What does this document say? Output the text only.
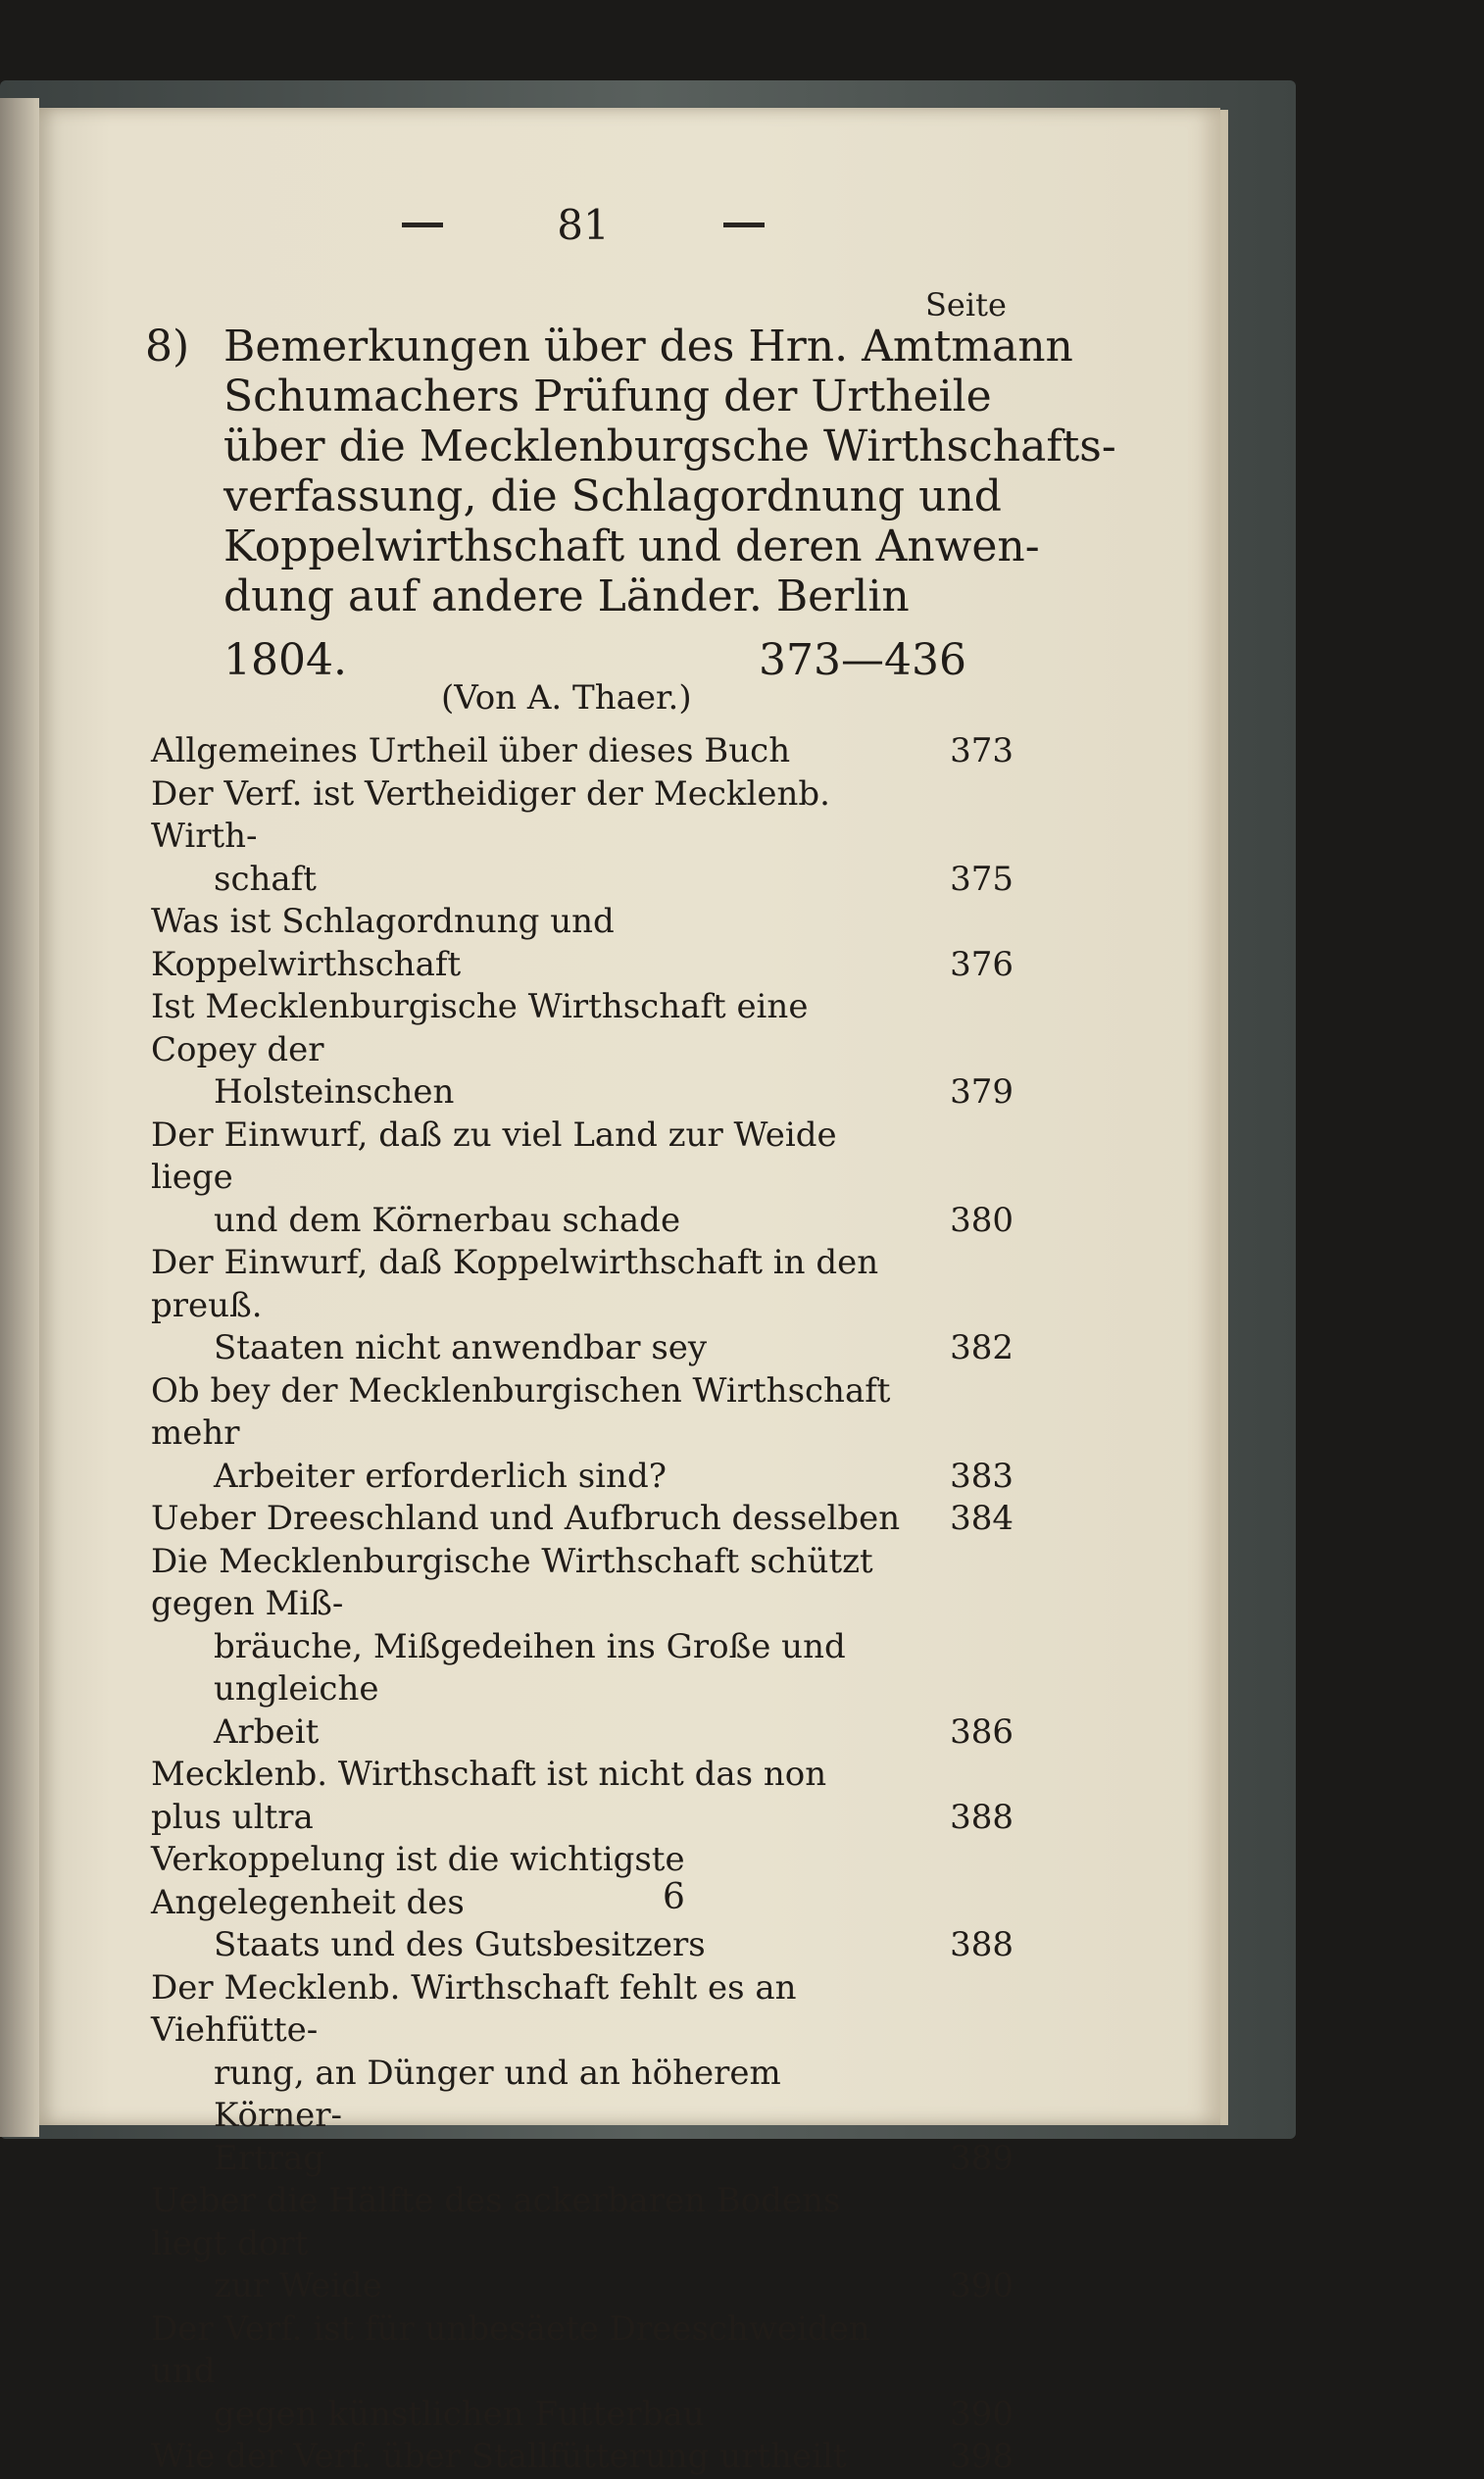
81
Seite
8) Bemerkungen über des Hrn. Amtmann
Schumachers Prüfung der Urtheile
über die Mecklenburgsche Wirthschafts-
verfassung, die Schlagordnung und
Koppelwirthschaft und deren Anwen-
dung auf andere Länder. Berlin
1804.	373—436
(Von A. Thaer.)
Allgemeines Urtheil über dieses Buch	373
Der Verf. ist Vertheidiger der Mecklenb. Wirth-
schaft	375
Was ist Schlagordnung und Koppelwirthschaft	376
Ist Mecklenburgische Wirthschaft eine Copey der
Holsteinschen	379
Der Einwurf, daß zu viel Land zur Weide liege
und dem Körnerbau schade	380
Der Einwurf, daß Koppelwirthschaft in den preuß.
Staaten nicht anwendbar sey	382
Ob bey der Mecklenburgischen Wirthschaft mehr
Arbeiter erforderlich sind?	383
Ueber Dreeschland und Aufbruch desselben	384
Die Mecklenburgische Wirthschaft schützt gegen Miß-
bräuche, Mißgedeihen ins Große und ungleiche
Arbeit	386
Mecklenb. Wirthschaft ist nicht das non plus ultra	388
Verkoppelung ist die wichtigste Angelegenheit des
Staats und des Gutsbesitzers	388
Der Mecklenb. Wirthschaft fehlt es an Viehfütte-
rung, an Dünger und an höherem Körner-
Ertrag	389
Ueber die Hälfte des ackerbaren Bodens liegt dort
zur Weide	390
Der Verf. ist für unbesäete Dreeschweiden und
gegen künstlichen Futterbau	390
Wie der Verf. über Stallfütterung urtheilt	398
6
